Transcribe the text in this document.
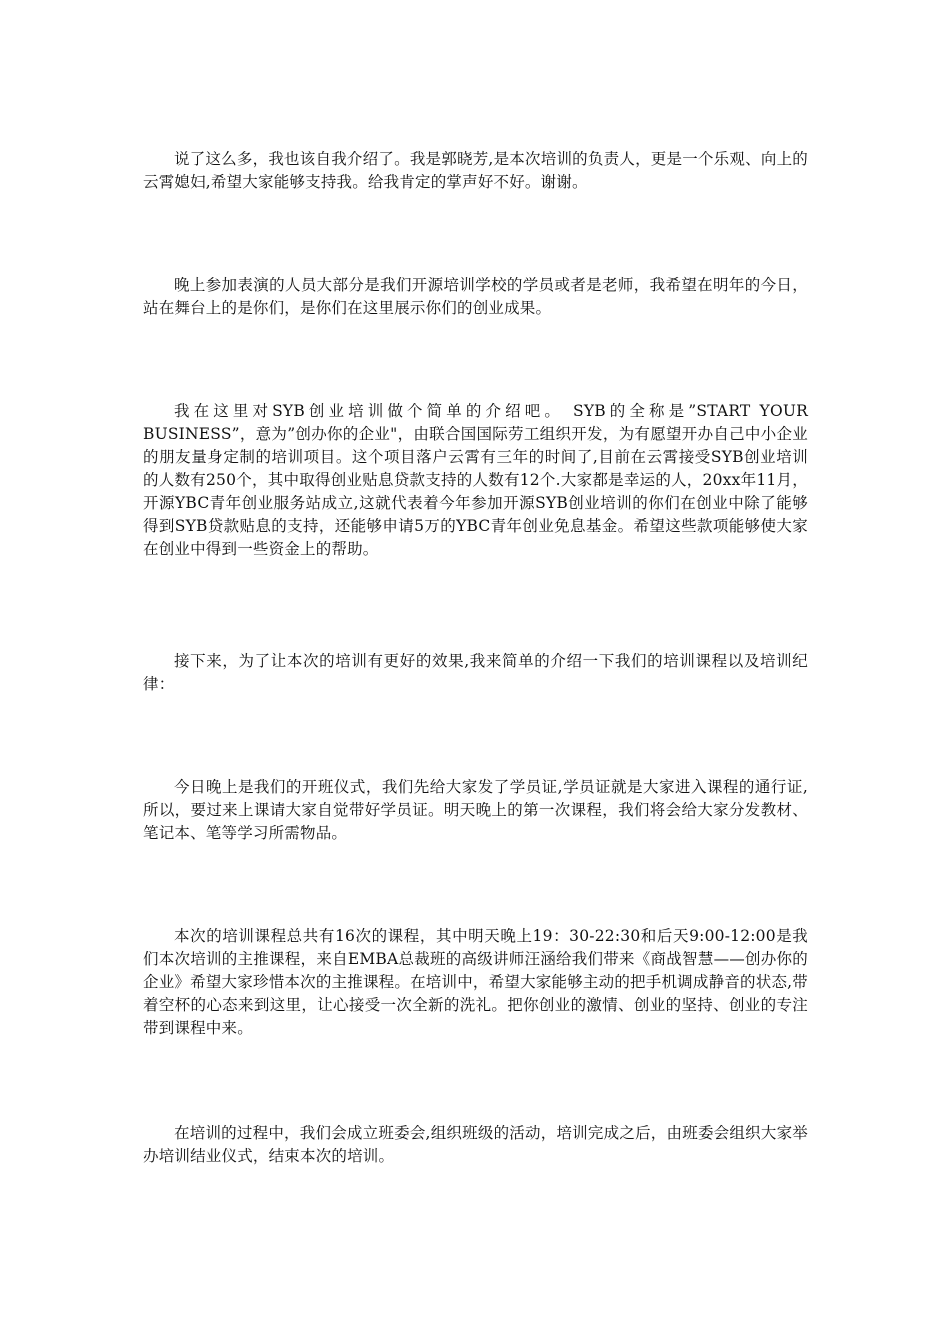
说了这么多，我也该自我介绍了。我是郭晓芳,是本次培训的负责人，更是一个乐观、向上的云霄媳妇,希望大家能够支持我。给我肯定的掌声好不好。谢谢。

晚上参加表演的人员大部分是我们开源培训学校的学员或者是老师，我希望在明年的今日，站在舞台上的是你们，是你们在这里展示你们的创业成果。

我在这里对SYB创业培训做个简单的介绍吧。 SYB的全称是”START YOUR BUSINESS”，意为”创办你的企业"，由联合国国际劳工组织开发，为有愿望开办自己中小企业的朋友量身定制的培训项目。这个项目落户云霄有三年的时间了,目前在云霄接受SYB创业培训的人数有250个，其中取得创业贴息贷款支持的人数有12个.大家都是幸运的人，20xx年11月，开源YBC青年创业服务站成立,这就代表着今年参加开源SYB创业培训的你们在创业中除了能够得到SYB贷款贴息的支持，还能够申请5万的YBC青年创业免息基金。希望这些款项能够使大家在创业中得到一些资金上的帮助。

接下来，为了让本次的培训有更好的效果,我来简单的介绍一下我们的培训课程以及培训纪律：

今日晚上是我们的开班仪式，我们先给大家发了学员证,学员证就是大家进入课程的通行证,所以，要过来上课请大家自觉带好学员证。明天晚上的第一次课程，我们将会给大家分发教材、笔记本、笔等学习所需物品。

本次的培训课程总共有16次的课程，其中明天晚上19：30-22:30和后天9:00-12:00是我们本次培训的主推课程，来自EMBA总裁班的高级讲师汪涵给我们带来《商战智慧——创办你的企业》希望大家珍惜本次的主推课程。在培训中，希望大家能够主动的把手机调成静音的状态,带着空杯的心态来到这里，让心接受一次全新的洗礼。把你创业的激情、创业的坚持、创业的专注带到课程中来。

在培训的过程中，我们会成立班委会,组织班级的活动，培训完成之后，由班委会组织大家举办培训结业仪式，结束本次的培训。
